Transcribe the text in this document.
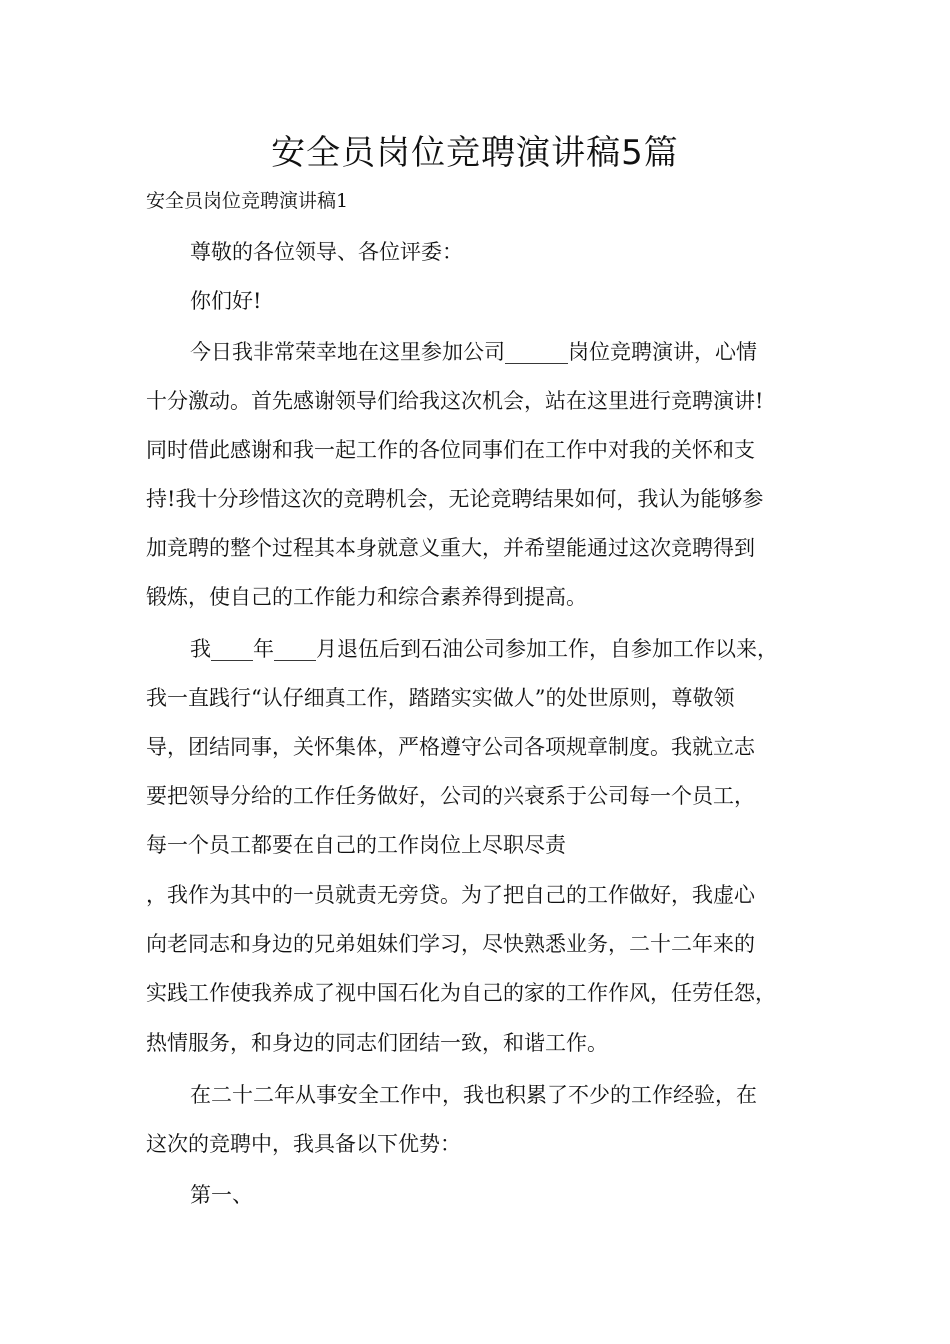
安全员岗位竞聘演讲稿5篇
安全员岗位竞聘演讲稿1
尊敬的各位领导、各位评委：
你们好!
今日我非常荣幸地在这里参加公司______岗位竞聘演讲，心情
十分激动。首先感谢领导们给我这次机会，站在这里进行竞聘演讲!
同时借此感谢和我一起工作的各位同事们在工作中对我的关怀和支
持!我十分珍惜这次的竞聘机会，无论竞聘结果如何，我认为能够参
加竞聘的整个过程其本身就意义重大，并希望能通过这次竞聘得到
锻炼，使自己的工作能力和综合素养得到提高。
我____年____月退伍后到石油公司参加工作，自参加工作以来，
我一直践行“认仔细真工作，踏踏实实做人”的处世原则，尊敬领
导，团结同事，关怀集体，严格遵守公司各项规章制度。我就立志
要把领导分给的工作任务做好，公司的兴衰系于公司每一个员工，
每一个员工都要在自己的工作岗位上尽职尽责
，我作为其中的一员就责无旁贷。为了把自己的工作做好，我虚心
向老同志和身边的兄弟姐妹们学习，尽快熟悉业务，二十二年来的
实践工作使我养成了视中国石化为自己的家的工作作风，任劳任怨，
热情服务，和身边的同志们团结一致，和谐工作。
在二十二年从事安全工作中，我也积累了不少的工作经验，在
这次的竞聘中，我具备以下优势：
第一、
